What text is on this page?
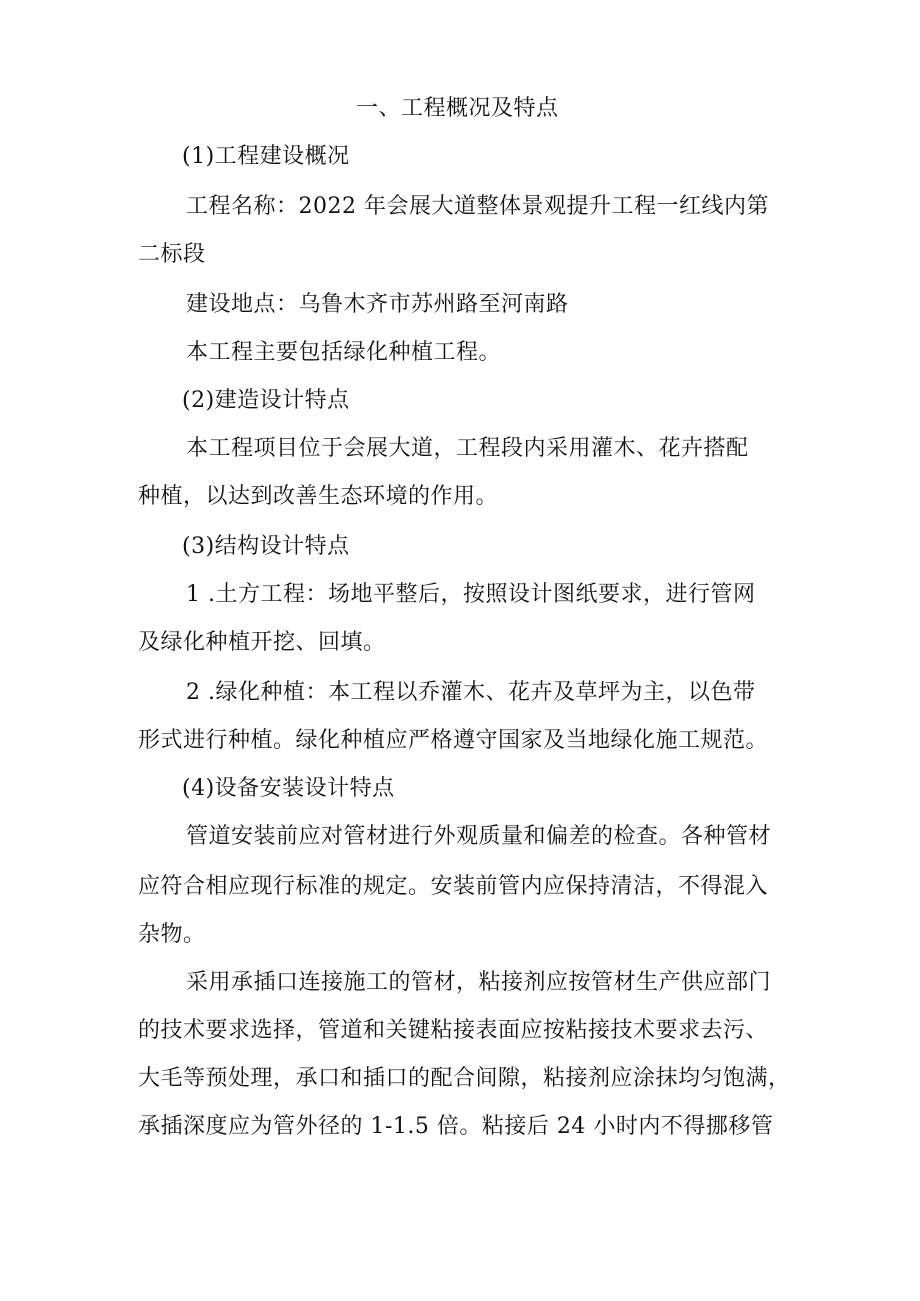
一、工程概况及特点
(1)工程建设概况
工程名称：2022 年会展大道整体景观提升工程一红线内第
二标段
建设地点：乌鲁木齐市苏州路至河南路
本工程主要包括绿化种植工程。
(2)建造设计特点
本工程项目位于会展大道，工程段内采用灌木、花卉搭配
种植，以达到改善生态环境的作用。
(3)结构设计特点
1 .土方工程：场地平整后，按照设计图纸要求，进行管网
及绿化种植开挖、回填。
2 .绿化种植：本工程以乔灌木、花卉及草坪为主，以色带
形式进行种植。绿化种植应严格遵守国家及当地绿化施工规范。
(4)设备安装设计特点
管道安装前应对管材进行外观质量和偏差的检查。各种管材
应符合相应现行标准的规定。安装前管内应保持清洁，不得混入
杂物。
采用承插口连接施工的管材，粘接剂应按管材生产供应部门
的技术要求选择，管道和关键粘接表面应按粘接技术要求去污、
大毛等预处理，承口和插口的配合间隙，粘接剂应涂抹均匀饱满，
承插深度应为管外径的 1-1.5 倍。粘接后 24 小时内不得挪移管
